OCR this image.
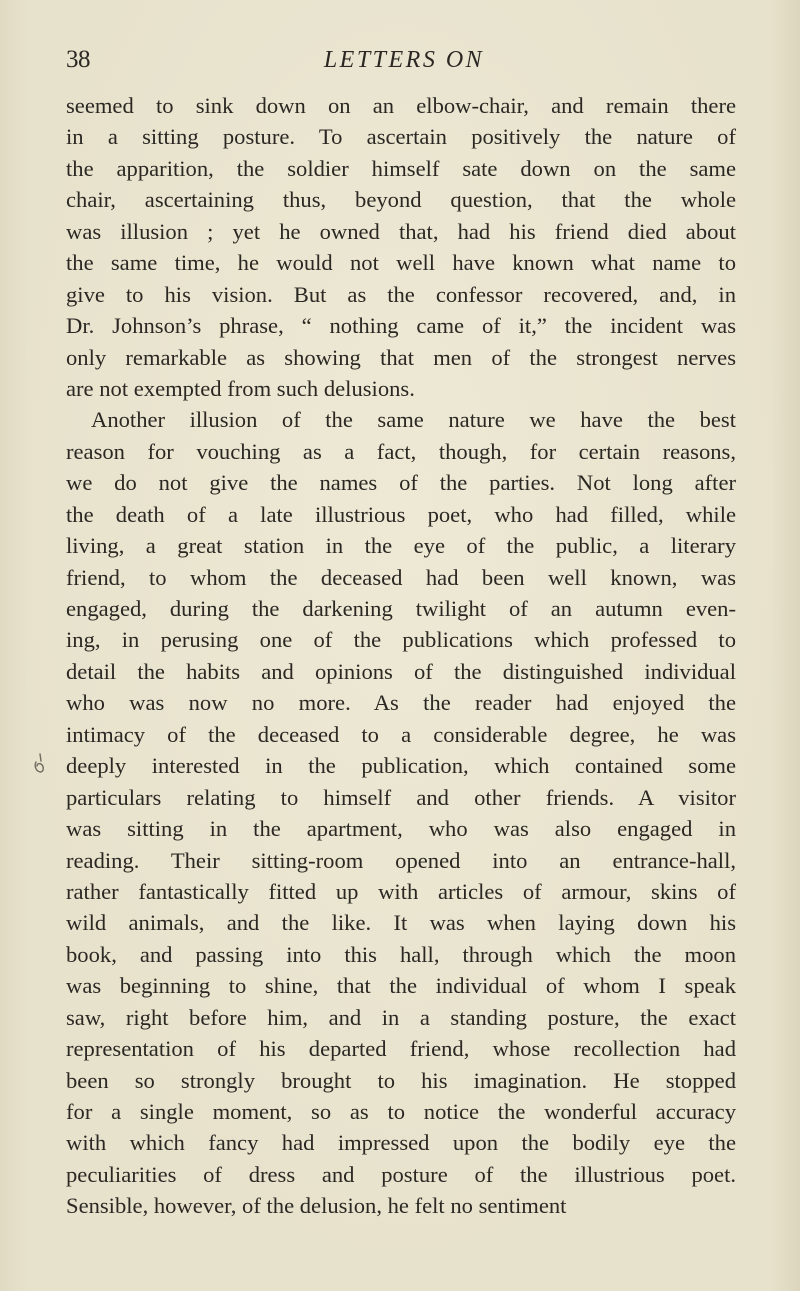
38	LETTERS ON
seemed to sink down on an elbow-chair, and remain there
in a sitting posture. To ascertain positively the nature of
the apparition, the soldier himself sate down on the same
chair, ascertaining thus, beyond question, that the whole
was illusion ; yet he owned that, had his friend died about
the same time, he would not well have known what name to
give to his vision. But as the confessor recovered, and, in
Dr. Johnson’s phrase, “ nothing came of it,” the incident was
only remarkable as showing that men of the strongest nerves
are not exempted from such delusions.
Another illusion of the same nature we have the best
reason for vouching as a fact, though, for certain reasons,
we do not give the names of the parties. Not long after
the death of a late illustrious poet, who had filled, while
living, a great station in the eye of the public, a literary
friend, to whom the deceased had been well known, was
engaged, during the darkening twilight of an autumn even-
ing, in perusing one of the publications which professed to
detail the habits and opinions of the distinguished individual
who was now no more. As the reader had enjoyed the
intimacy of the deceased to a considerable degree, he was
deeply interested in the publication, which contained some
particulars relating to himself and other friends. A visitor
was sitting in the apartment, who was also engaged in
reading. Their sitting-room opened into an entrance-hall,
rather fantastically fitted up with articles of armour, skins of
wild animals, and the like. It was when laying down his
book, and passing into this hall, through which the moon
was beginning to shine, that the individual of whom I speak
saw, right before him, and in a standing posture, the exact
representation of his departed friend, whose recollection had
been so strongly brought to his imagination. He stopped
for a single moment, so as to notice the wonderful accuracy
with which fancy had impressed upon the bodily eye the
peculiarities of dress and posture of the illustrious poet.
Sensible, however, of the delusion, he felt no sentiment
